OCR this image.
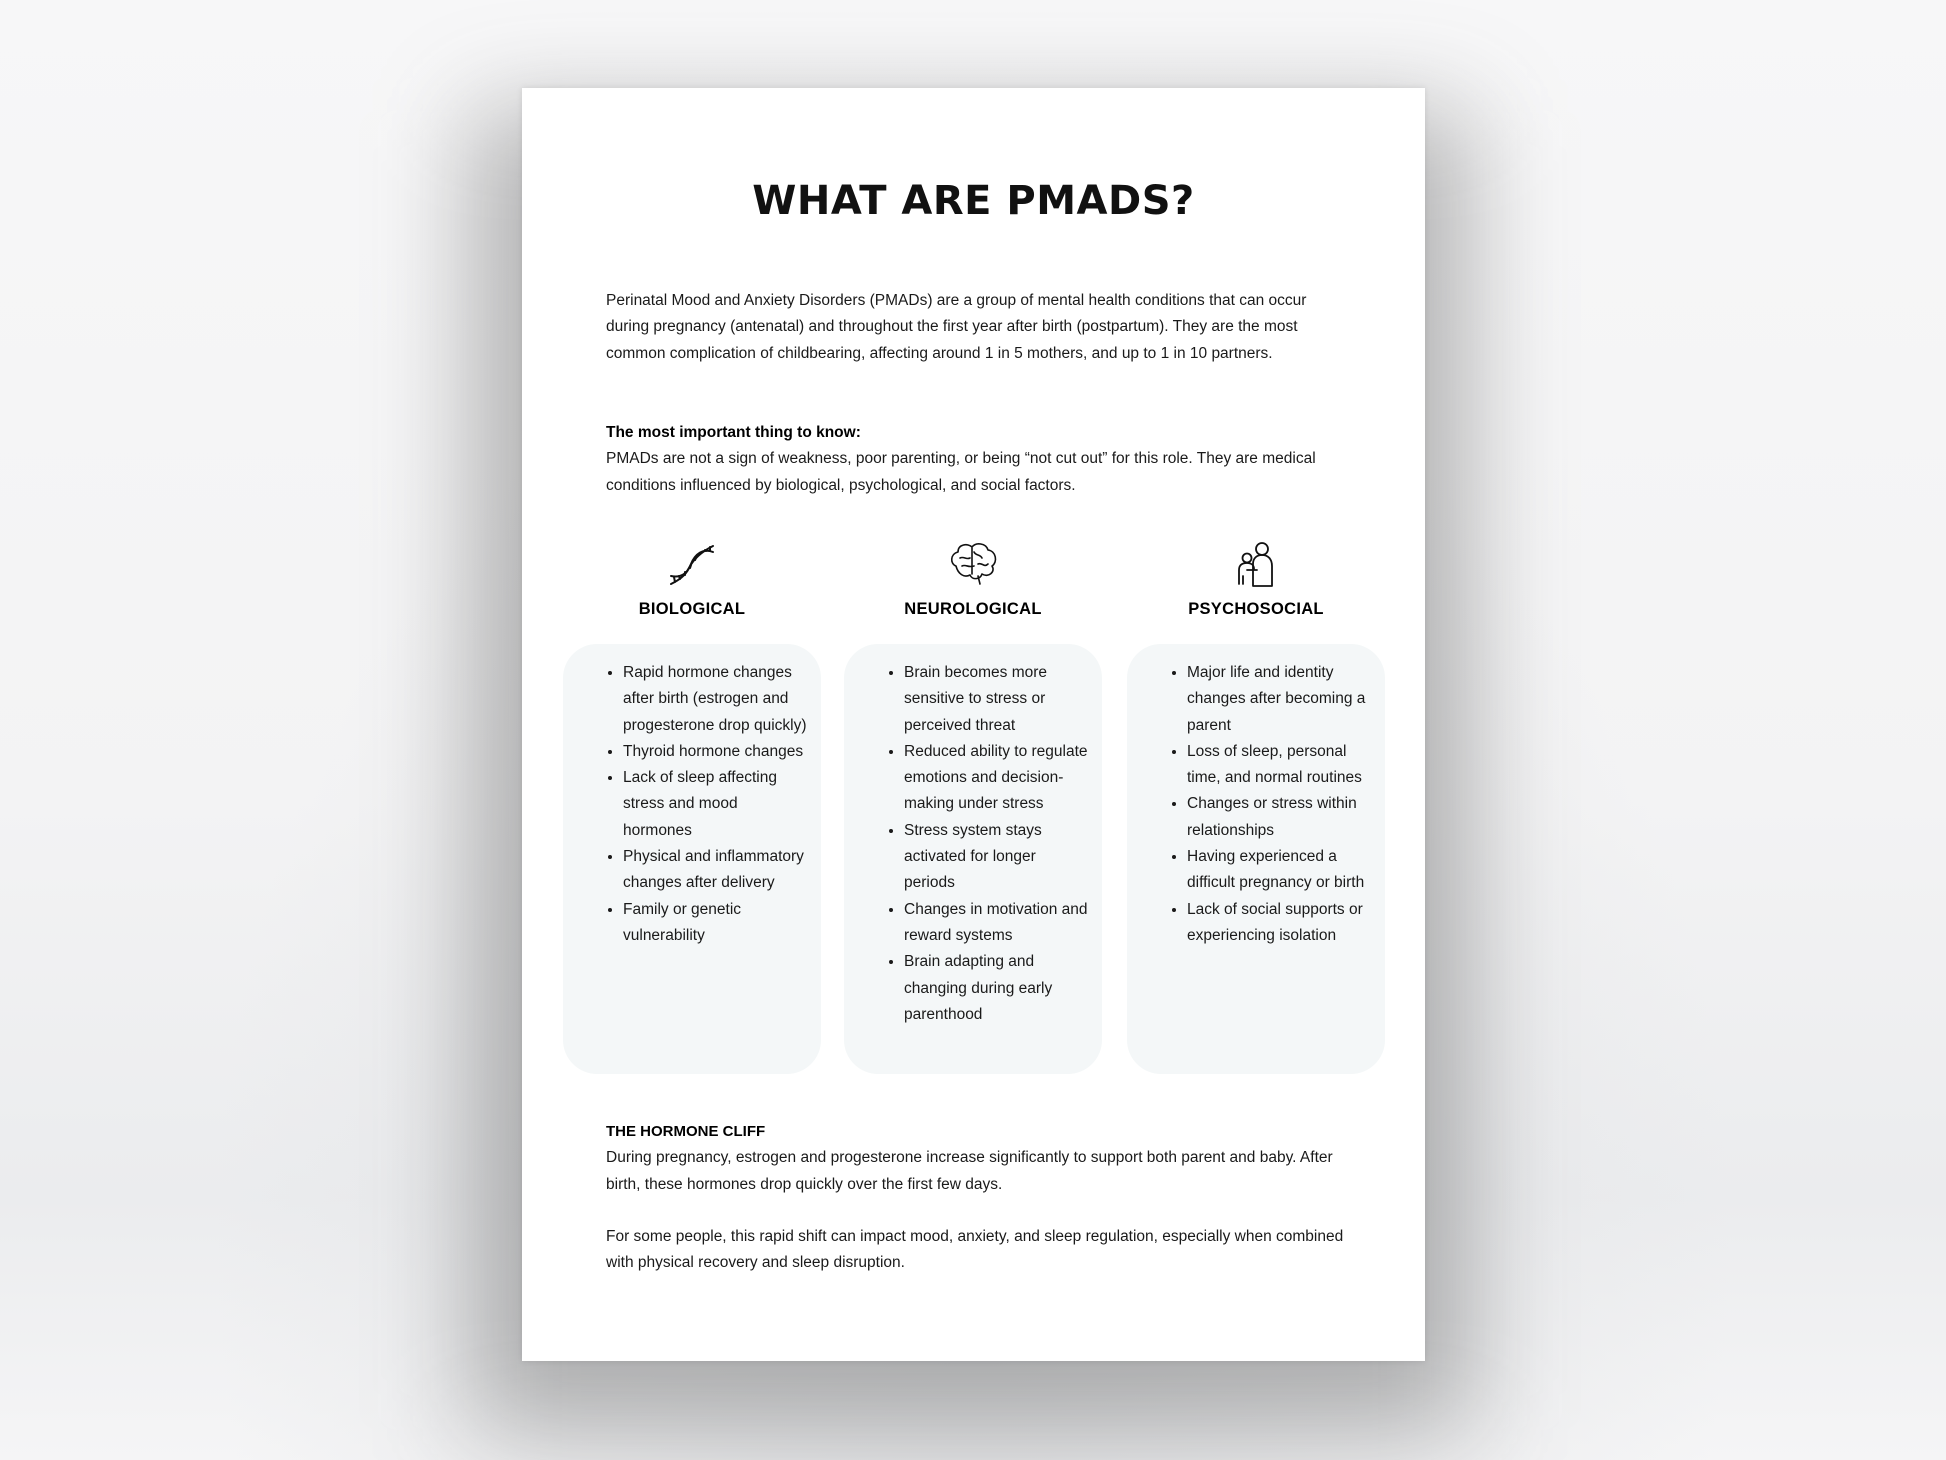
WHAT ARE PMADS?

Perinatal Mood and Anxiety Disorders (PMADs) are a group of mental health conditions that can occur during pregnancy (antenatal) and throughout the first year after birth (postpartum). They are the most common complication of childbearing, affecting around 1 in 5 mothers, and up to 1 in 10 partners.

The most important thing to know:
PMADs are not a sign of weakness, poor parenting, or being “not cut out” for this role. They are medical conditions influenced by biological, psychological, and social factors.

BIOLOGICAL	NEUROLOGICAL	PSYCHOSOCIAL
• Rapid hormone changes after birth (estrogen and progesterone drop quickly)
• Thyroid hormone changes
• Lack of sleep affecting stress and mood hormones
• Physical and inflammatory changes after delivery
• Family or genetic vulnerability
• Brain becomes more sensitive to stress or perceived threat
• Reduced ability to regulate emotions and decision-making under stress
• Stress system stays activated for longer periods
• Changes in motivation and reward systems
• Brain adapting and changing during early parenthood
• Major life and identity changes after becoming a parent
• Loss of sleep, personal time, and normal routines
• Changes or stress within relationships
• Having experienced a difficult pregnancy or birth
• Lack of social supports or experiencing isolation

THE HORMONE CLIFF
During pregnancy, estrogen and progesterone increase significantly to support both parent and baby. After birth, these hormones drop quickly over the first few days.

For some people, this rapid shift can impact mood, anxiety, and sleep regulation, especially when combined with physical recovery and sleep disruption.
